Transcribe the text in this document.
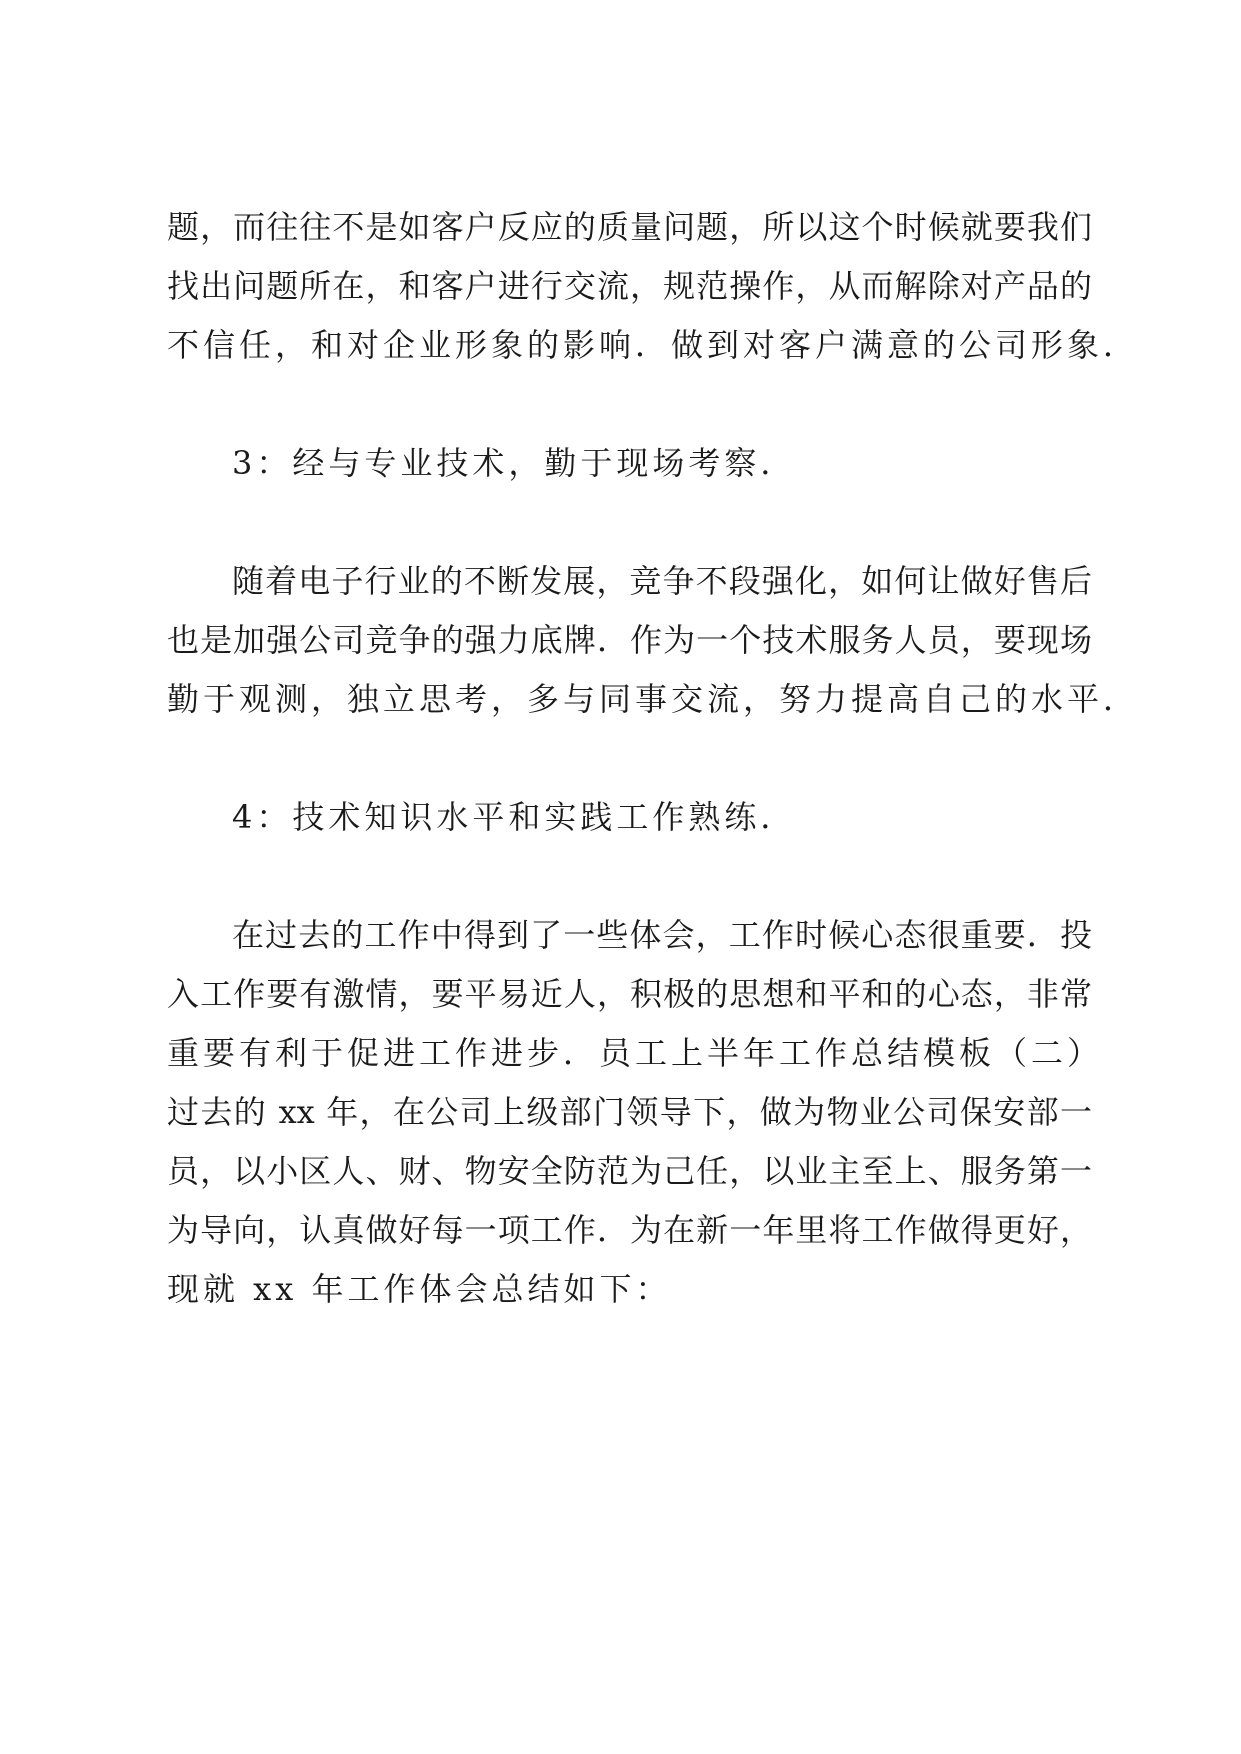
题，而往往不是如客户反应的质量问题，所以这个时候就要我们
找出问题所在，和客户进行交流，规范操作，从而解除对产品的
不信任，和对企业形象的影响．做到对客户满意的公司形象．
3：经与专业技术，勤于现场考察．
随着电子行业的不断发展，竞争不段强化，如何让做好售后
也是加强公司竞争的强力底牌．作为一个技术服务人员，要现场
勤于观测，独立思考，多与同事交流，努力提高自己的水平．
4：技术知识水平和实践工作熟练．
在过去的工作中得到了一些体会，工作时候心态很重要．投
入工作要有激情，要平易近人，积极的思想和平和的心态，非常
重要有利于促进工作进步．员工上半年工作总结模板（二）
过去的 xx 年，在公司上级部门领导下，做为物业公司保安部一
员，以小区人、财、物安全防范为己任，以业主至上、服务第一
为导向，认真做好每一项工作．为在新一年里将工作做得更好，
现就 xx 年工作体会总结如下：
